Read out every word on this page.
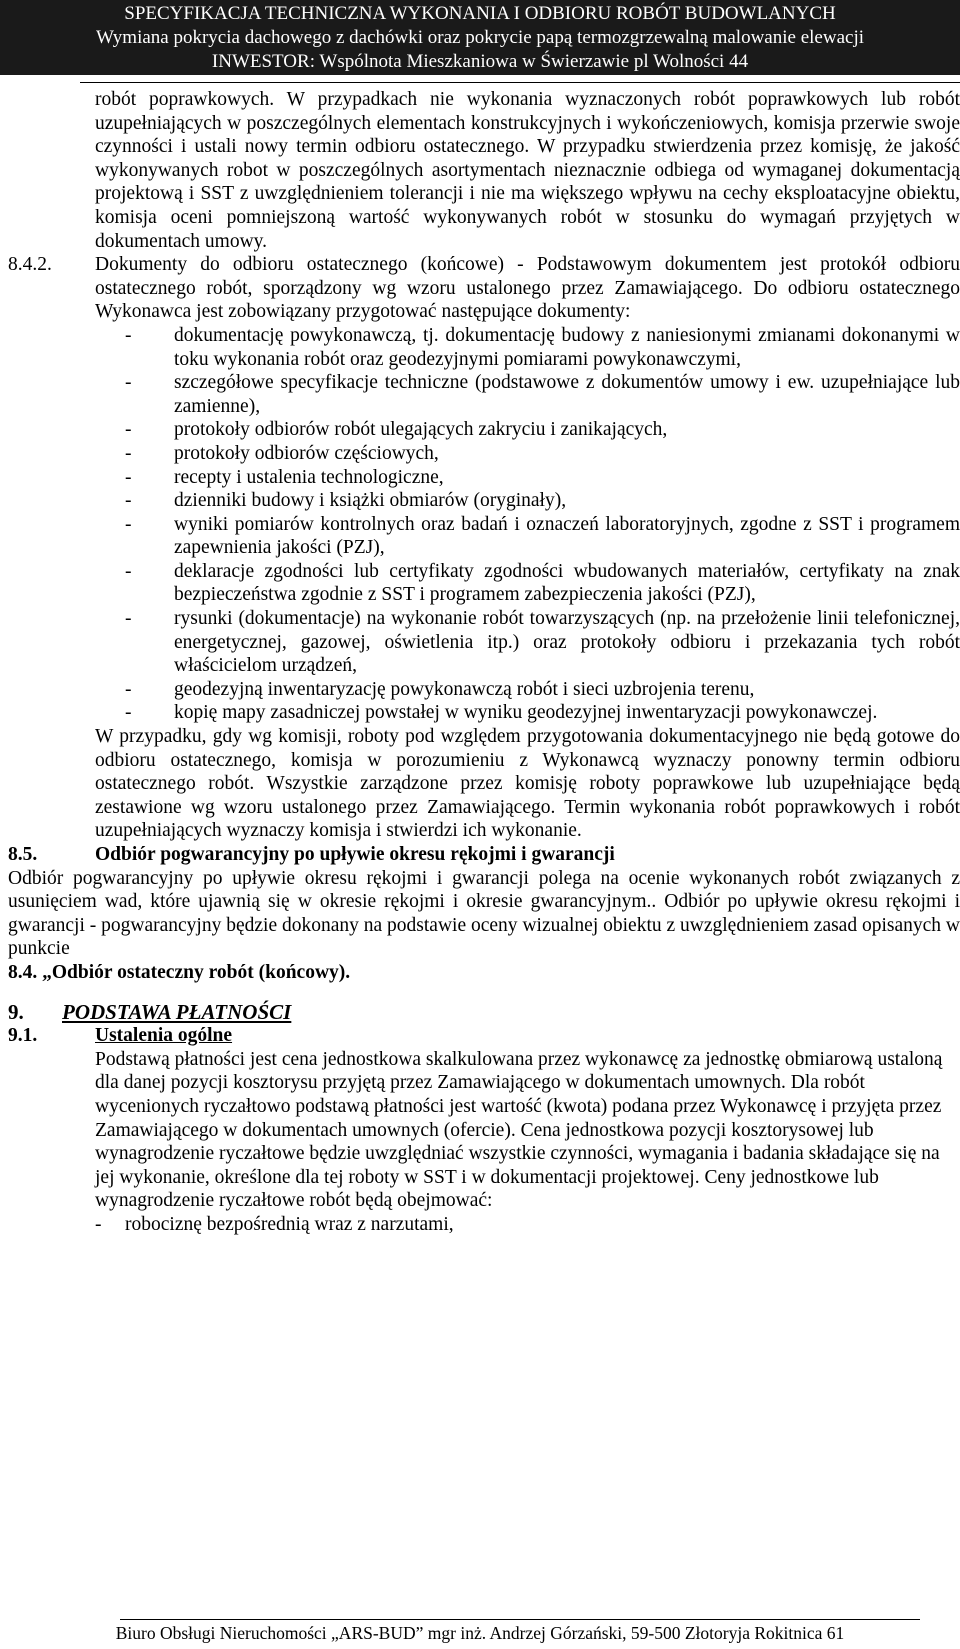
SPECYFIKACJA TECHNICZNA WYKONANIA I ODBIORU ROBÓT BUDOWLANYCH
Wymiana pokrycia dachowego z dachówki oraz pokrycie papą termozgrzewalną malowanie elewacji
INWESTOR: Wspólnota Mieszkaniowa w Świerzawie pl Wolności 44
robót poprawkowych. W przypadkach nie wykonania wyznaczonych robót poprawkowych lub robót uzupełniających w poszczególnych elementach konstrukcyjnych i wykończeniowych, komisja przerwie swoje czynności i ustali nowy termin odbioru ostatecznego. W przypadku stwierdzenia przez komisję, że jakość wykonywanych robot w poszczególnych asortymentach nieznacznie odbiega od wymaganej dokumentacją projektową i SST z uwzględnieniem tolerancji i nie ma większego wpływu na cechy eksploatacyjne obiektu, komisja oceni pomniejszoną wartość wykonywanych robót w stosunku do wymagań przyjętych w dokumentach umowy.
8.4.2.	Dokumenty do odbioru ostatecznego (końcowe) - Podstawowym dokumentem jest protokół odbioru ostatecznego robót, sporządzony wg wzoru ustalonego przez Zamawiającego. Do odbioru ostatecznego Wykonawca jest zobowiązany przygotować następujące dokumenty:
-	dokumentację powykonawczą, tj. dokumentację budowy z naniesionymi zmianami dokonanymi w toku wykonania robót oraz geodezyjnymi pomiarami powykonawczymi,
-	szczegółowe specyfikacje techniczne (podstawowe z dokumentów umowy i ew. uzupełniające lub zamienne),
-	protokoły odbiorów robót ulegających zakryciu i zanikających,
-	protokoły odbiorów częściowych,
-	recepty i ustalenia technologiczne,
-	dzienniki budowy i książki obmiarów (oryginały),
-	wyniki pomiarów kontrolnych oraz badań i oznaczeń laboratoryjnych, zgodne z SST i programem zapewnienia jakości (PZJ),
-	deklaracje zgodności lub certyfikaty zgodności wbudowanych materiałów, certyfikaty na znak bezpieczeństwa zgodnie z SST i programem zabezpieczenia jakości (PZJ),
-	rysunki (dokumentacje) na wykonanie robót towarzyszących (np. na przełożenie linii telefonicznej, energetycznej, gazowej, oświetlenia itp.) oraz protokoły odbioru i przekazania tych robót właścicielom urządzeń,
-	geodezyjną inwentaryzację powykonawczą robót i sieci uzbrojenia terenu,
-	kopię mapy zasadniczej powstałej w wyniku geodezyjnej inwentaryzacji powykonawczej.
W przypadku, gdy wg komisji, roboty pod względem przygotowania dokumentacyjnego nie będą gotowe do odbioru ostatecznego, komisja w porozumieniu z Wykonawcą wyznaczy ponowny termin odbioru ostatecznego robót. Wszystkie zarządzone przez komisję roboty poprawkowe lub uzupełniające będą zestawione wg wzoru ustalonego przez Zamawiającego. Termin wykonania robót poprawkowych i robót uzupełniających wyznaczy komisja i stwierdzi ich wykonanie.
8.5.	Odbiór pogwarancyjny po upływie okresu rękojmi i gwarancji
Odbiór pogwarancyjny po upływie okresu rękojmi i gwarancji polega na ocenie wykonanych robót związanych z usunięciem wad, które ujawnią się w okresie rękojmi i okresie gwarancyjnym.. Odbiór po upływie okresu rękojmi i gwarancji - pogwarancyjny będzie dokonany na podstawie oceny wizualnej obiektu z uwzględnieniem zasad opisanych w punkcie
8.4. „Odbiór ostateczny robót (końcowy).
9.	PODSTAWA PŁATNOŚCI
9.1.	Ustalenia ogólne
Podstawą płatności jest cena jednostkowa skalkulowana przez wykonawcę za jednostkę obmiarową ustaloną dla danej pozycji kosztorysu przyjętą przez Zamawiającego w dokumentach umownych. Dla robót wycenionych ryczałtowo podstawą płatności jest wartość (kwota) podana przez Wykonawcę i przyjęta przez Zamawiającego w dokumentach umownych (ofercie). Cena jednostkowa pozycji kosztorysowej lub wynagrodzenie ryczałtowe będzie uwzględniać wszystkie czynności, wymagania i badania składające się na jej wykonanie, określone dla tej roboty w SST i w dokumentacji projektowej. Ceny jednostkowe lub wynagrodzenie ryczałtowe robót będą obejmować:
-	robociznę bezpośrednią wraz z narzutami,
Biuro Obsługi Nieruchomości „ARS-BUD” mgr inż. Andrzej Górzański, 59-500 Złotoryja Rokitnica 61
